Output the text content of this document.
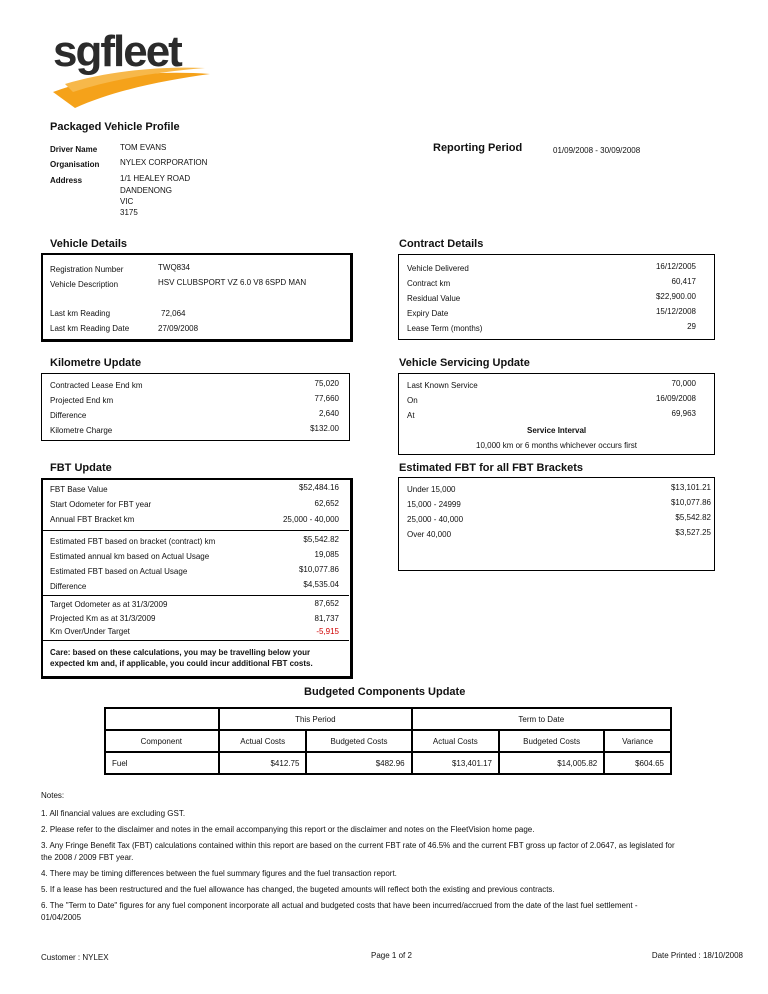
sgfleet
Packaged Vehicle Profile
Driver Name	TOM EVANS
Organisation	NYLEX CORPORATION
Address	1/1 HEALEY ROAD
DANDENONG
VIC
3175
Reporting Period	01/09/2008 - 30/09/2008
Vehicle Details	Contract Details
Registration Number	TWQ834
Vehicle Description	HSV CLUBSPORT VZ 6.0 V8 6SPD MAN
Last km Reading	72,064
Last km Reading Date	27/09/2008
Vehicle Delivered	16/12/2005
Contract km	60,417
Residual Value	$22,900.00
Expiry Date	15/12/2008
Lease Term (months)	29
Kilometre Update
Contracted Lease End km	75,020
Projected End km	77,660
Difference	2,640
Kilometre Charge	$132.00
Vehicle Servicing Update
Last Known Service	70,000
On	16/09/2008
At	69,963
Service Interval
10,000 km or 6 months whichever occurs first
FBT Update
FBT Base Value	$52,484.16
Start Odometer for FBT year	62,652
Annual FBT Bracket km	25,000 - 40,000
Estimated FBT based on bracket (contract) km	$5,542.82
Estimated annual km based on Actual Usage	19,085
Estimated FBT based on Actual Usage	$10,077.86
Difference	$4,535.04
Target Odometer as at 31/3/2009	87,652
Projected Km as at 31/3/2009	81,737
Km Over/Under Target	-5,915
Care: based on these calculations, you may be travelling below your
expected km and, if applicable, you could incur additional FBT costs.
Estimated FBT for all FBT Brackets
Under 15,000	$13,101.21
15,000 - 24999	$10,077.86
25,000 - 40,000	$5,542.82
Over 40,000	$3,527.25
Budgeted Components Update
	This Period		Term to Date		
Component	Actual Costs	Budgeted Costs	Actual Costs	Budgeted Costs	Variance
Fuel	$412.75	$482.96	$13,401.17	$14,005.82	$604.65
Notes:
1. All financial values are excluding GST.
2. Please refer to the disclaimer and notes in the email accompanying this report or the disclaimer and notes on the FleetVision home page.
3. Any Fringe Benefit Tax (FBT) calculations contained within this report are based on the current FBT rate of 46.5% and the current FBT gross up factor of 2.0647, as legislated for
the 2008 / 2009 FBT year.
4. There may be timing differences between the fuel summary figures and the fuel transaction report.
5. If a lease has been restructured and the fuel allowance has changed, the bugeted amounts will reflect both the existing and previous contracts.
6. The "Term to Date" figures for any fuel component incorporate all actual and budgeted costs that have been incurred/accrued from the date of the last fuel settlement -
01/04/2005
Customer : NYLEX	Page 1 of 2	Date Printed : 18/10/2008
